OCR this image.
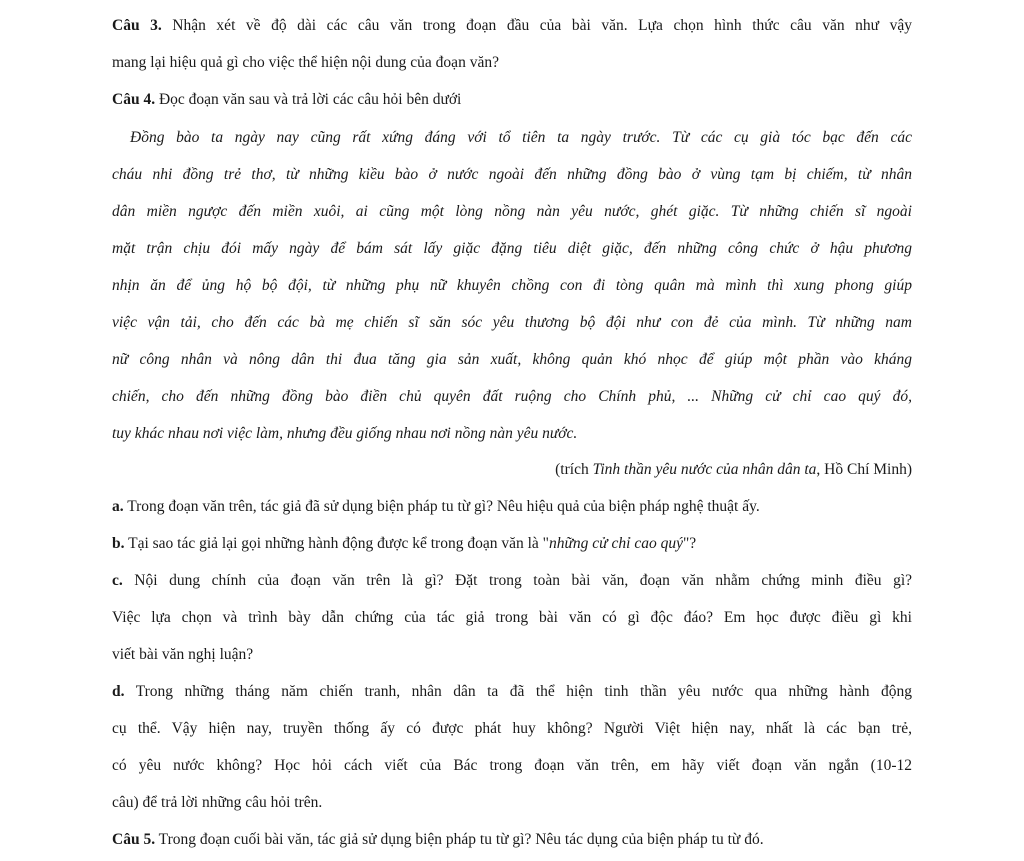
Câu 3. Nhận xét về độ dài các câu văn trong đoạn đầu của bài văn. Lựa chọn hình thức câu văn như vậy
mang lại hiệu quả gì cho việc thể hiện nội dung của đoạn văn?
Câu 4. Đọc đoạn văn sau và trả lời các câu hỏi bên dưới
Đồng bào ta ngày nay cũng rất xứng đáng với tổ tiên ta ngày trước. Từ các cụ già tóc bạc đến các
cháu nhi đồng trẻ thơ, từ những kiều bào ở nước ngoài đến những đồng bào ở vùng tạm bị chiếm, từ nhân
dân miền ngược đến miền xuôi, ai cũng một lòng nồng nàn yêu nước, ghét giặc. Từ những chiến sĩ ngoài
mặt trận chịu đói mấy ngày để bám sát lấy giặc đặng tiêu diệt giặc, đến những công chức ở hậu phương
nhịn ăn để ủng hộ bộ đội, từ những phụ nữ khuyên chồng con đi tòng quân mà mình thì xung phong giúp
việc vận tải, cho đến các bà mẹ chiến sĩ săn sóc yêu thương bộ đội như con đẻ của mình. Từ những nam
nữ công nhân và nông dân thi đua tăng gia sản xuất, không quản khó nhọc để giúp một phần vào kháng
chiến, cho đến những đồng bào điền chủ quyên đất ruộng cho Chính phủ, ... Những cử chỉ cao quý đó,
tuy khác nhau nơi việc làm, nhưng đều giống nhau nơi nồng nàn yêu nước.
(trích Tinh thần yêu nước của nhân dân ta, Hồ Chí Minh)
a. Trong đoạn văn trên, tác giả đã sử dụng biện pháp tu từ gì? Nêu hiệu quả của biện pháp nghệ thuật ấy.
b. Tại sao tác giả lại gọi những hành động được kể trong đoạn văn là "những cử chỉ cao quý"?
c. Nội dung chính của đoạn văn trên là gì? Đặt trong toàn bài văn, đoạn văn nhằm chứng minh điều gì?
Việc lựa chọn và trình bày dẫn chứng của tác giả trong bài văn có gì độc đáo? Em học được điều gì khi
viết bài văn nghị luận?
d. Trong những tháng năm chiến tranh, nhân dân ta đã thể hiện tinh thần yêu nước qua những hành động
cụ thể. Vậy hiện nay, truyền thống ấy có được phát huy không? Người Việt hiện nay, nhất là các bạn trẻ,
có yêu nước không? Học hỏi cách viết của Bác trong đoạn văn trên, em hãy viết đoạn văn ngắn (10-12
câu) để trả lời những câu hỏi trên.
Câu 5. Trong đoạn cuối bài văn, tác giả sử dụng biện pháp tu từ gì? Nêu tác dụng của biện pháp tu từ đó.
